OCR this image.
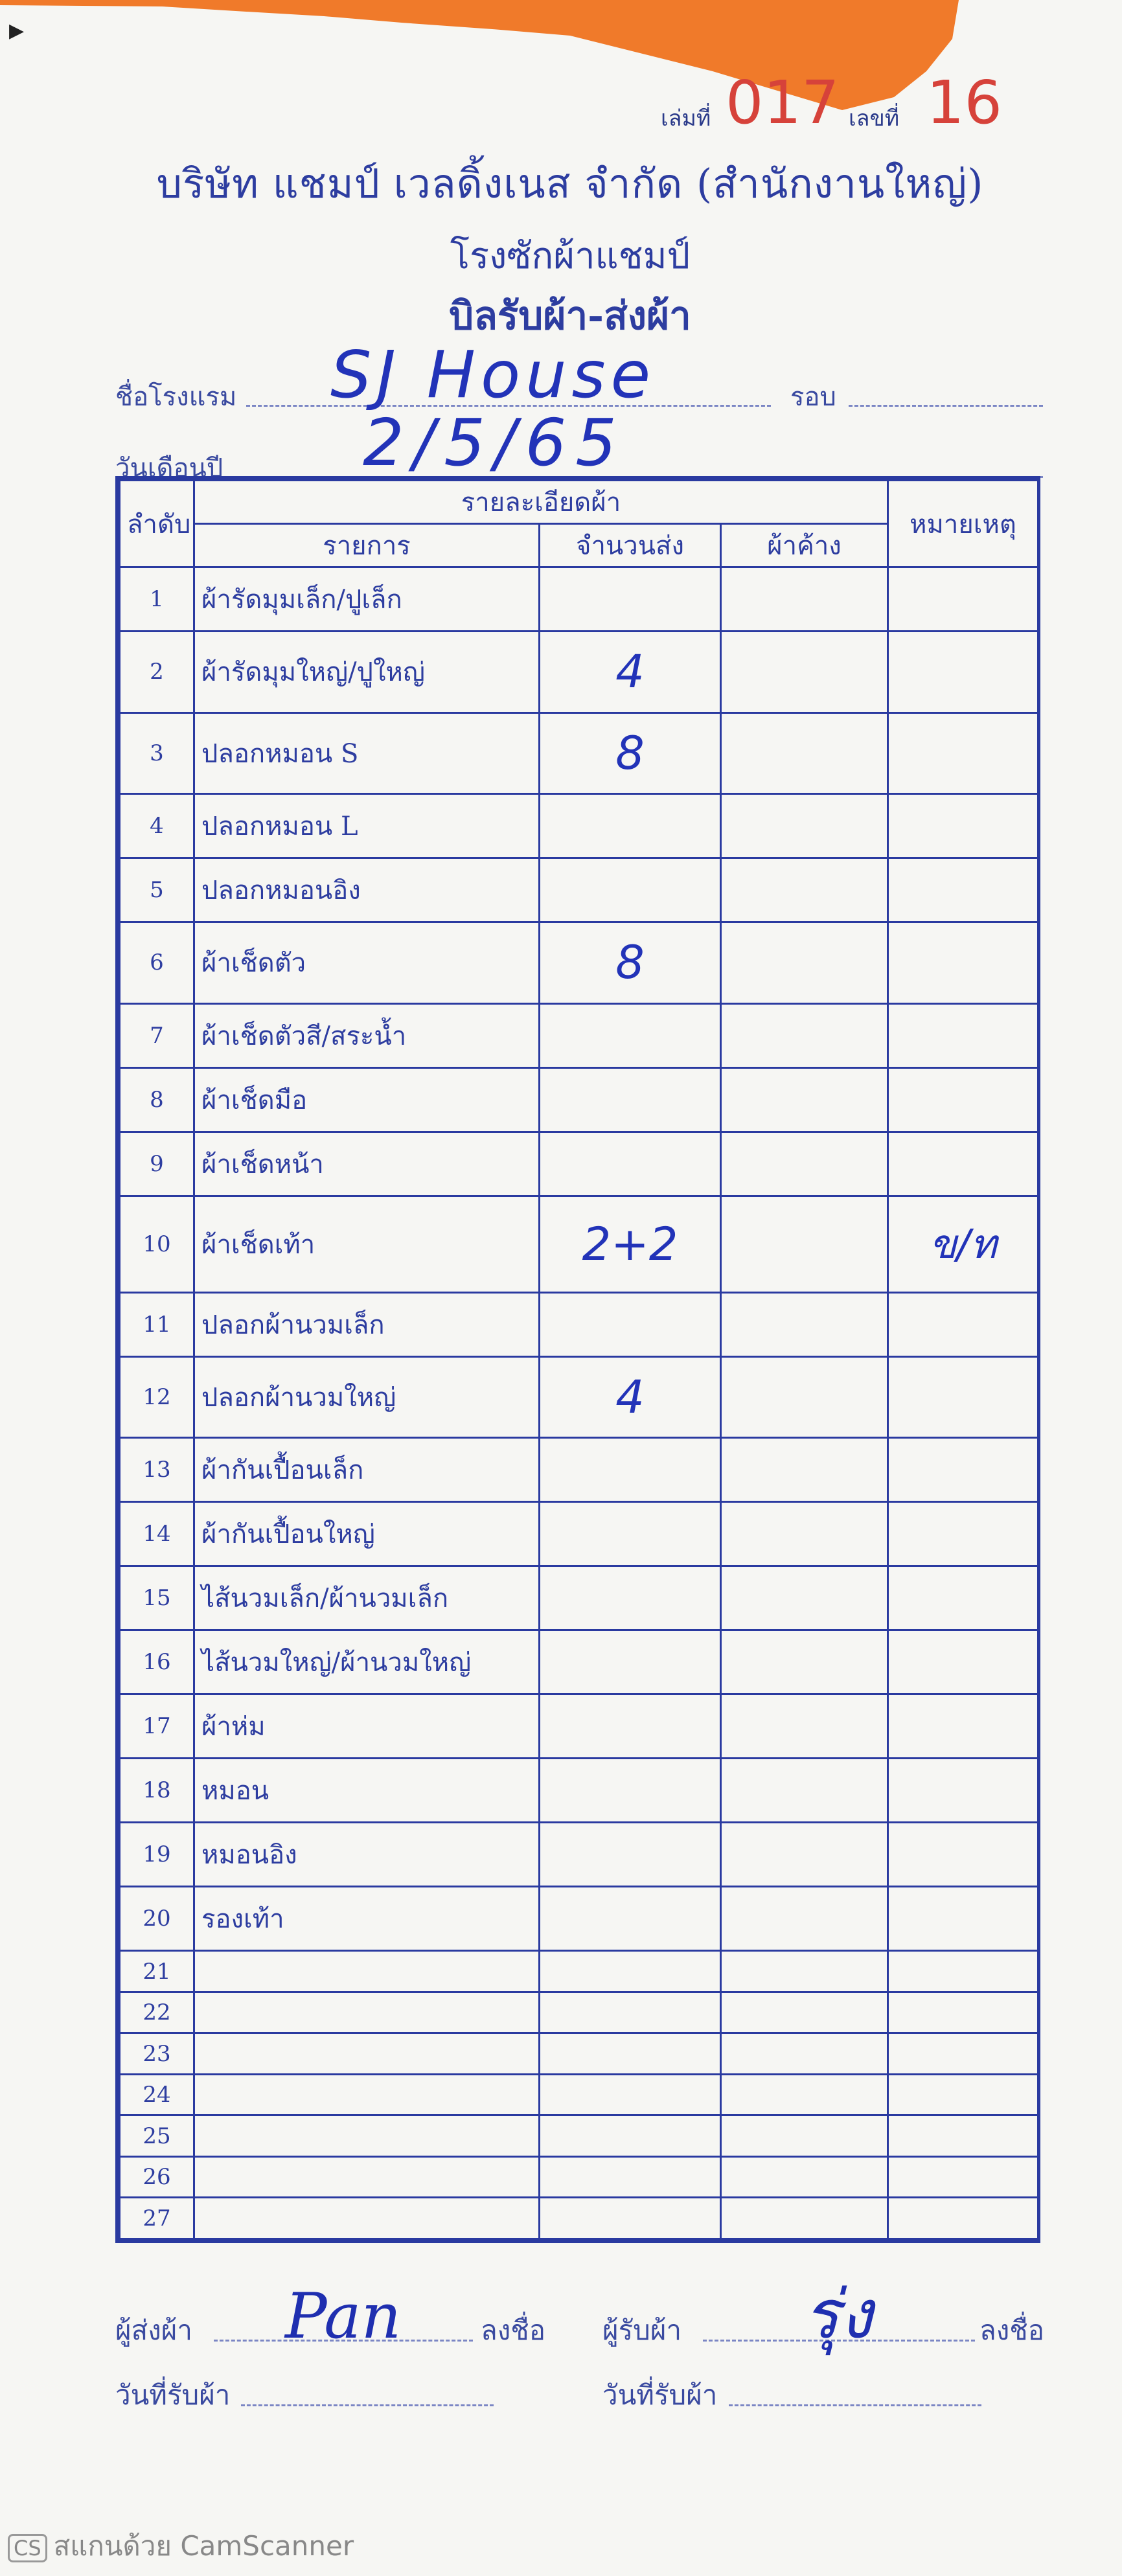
▶
เล่มที่ 017 เลขที่ 16
บริษัท แชมป์ เวลดิ้งเนส จำกัด (สำนักงานใหญ่)
โรงซักผ้าแชมป์
บิลรับผ้า-ส่งผ้า
ชื่อโรงแรม SJ House	รอบ
วันเดือนปี 2/5/65
ลำดับ	รายละเอียดผ้า			หมายเหตุ
	รายการ	จำนวนส่ง	ผ้าค้าง	
1	ผ้ารัดมุมเล็ก/ปูเล็ก			
2	ผ้ารัดมุมใหญ่/ปูใหญ่	4		
3	ปลอกหมอน S	8		
4	ปลอกหมอน L			
5	ปลอกหมอนอิง			
6	ผ้าเช็ดตัว	8		
7	ผ้าเช็ดตัวสี/สระน้ำ			
8	ผ้าเช็ดมือ			
9	ผ้าเช็ดหน้า			
10	ผ้าเช็ดเท้า	2+2		ข/ท
11	ปลอกผ้านวมเล็ก			
12	ปลอกผ้านวมใหญ่	4		
13	ผ้ากันเปื้อนเล็ก			
14	ผ้ากันเปื้อนใหญ่			
15	ไส้นวมเล็ก/ผ้านวมเล็ก			
16	ไส้นวมใหญ่/ผ้านวมใหญ่			
17	ผ้าห่ม			
18	หมอน			
19	หมอนอิง			
20	รองเท้า			
21				
22				
23				
24				
25				
26				
27				
ผู้ส่งผ้า Pan	ลงชื่อ ผู้รับผ้า รุ่ง	ลงชื่อ
วันที่รับผ้า	วันที่รับผ้า
CS สแกนด้วย CamScanner
